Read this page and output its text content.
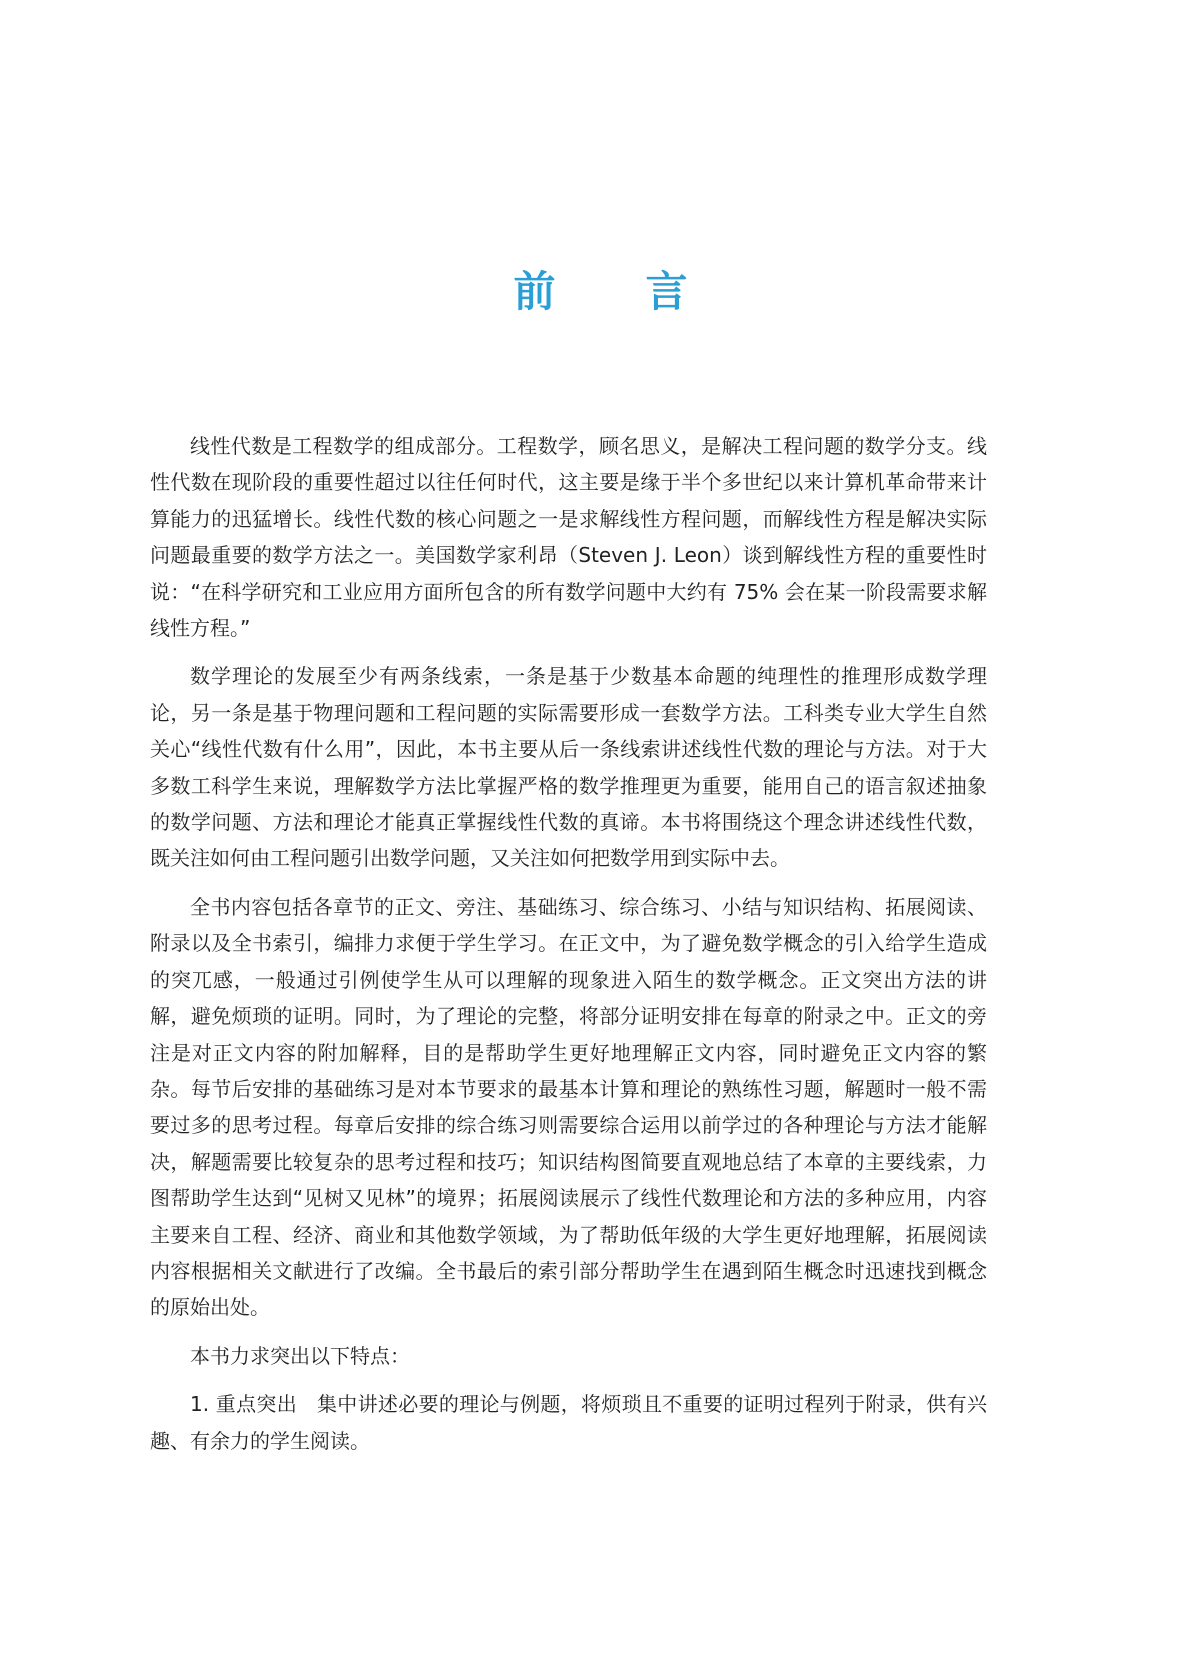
前 言

线性代数是工程数学的组成部分。工程数学，顾名思义，是解决工程问题的数学分支。线性代数在现阶段的重要性超过以往任何时代，这主要是缘于半个多世纪以来计算机革命带来计算能力的迅猛增长。线性代数的核心问题之一是求解线性方程问题，而解线性方程是解决实际问题最重要的数学方法之一。美国数学家利昂（Steven J. Leon）谈到解线性方程的重要性时说：“在科学研究和工业应用方面所包含的所有数学问题中大约有 75% 会在某一阶段需要求解线性方程。”

数学理论的发展至少有两条线索，一条是基于少数基本命题的纯理性的推理形成数学理论，另一条是基于物理问题和工程问题的实际需要形成一套数学方法。工科类专业大学生自然关心“线性代数有什么用”，因此，本书主要从后一条线索讲述线性代数的理论与方法。对于大多数工科学生来说，理解数学方法比掌握严格的数学推理更为重要，能用自己的语言叙述抽象的数学问题、方法和理论才能真正掌握线性代数的真谛。本书将围绕这个理念讲述线性代数，既关注如何由工程问题引出数学问题，又关注如何把数学用到实际中去。

全书内容包括各章节的正文、旁注、基础练习、综合练习、小结与知识结构、拓展阅读、附录以及全书索引，编排力求便于学生学习。在正文中，为了避免数学概念的引入给学生造成的突兀感，一般通过引例使学生从可以理解的现象进入陌生的数学概念。正文突出方法的讲解，避免烦琐的证明。同时，为了理论的完整，将部分证明安排在每章的附录之中。正文的旁注是对正文内容的附加解释，目的是帮助学生更好地理解正文内容，同时避免正文内容的繁杂。每节后安排的基础练习是对本节要求的最基本计算和理论的熟练性习题，解题时一般不需要过多的思考过程。每章后安排的综合练习则需要综合运用以前学过的各种理论与方法才能解决，解题需要比较复杂的思考过程和技巧；知识结构图简要直观地总结了本章的主要线索，力图帮助学生达到“见树又见林”的境界；拓展阅读展示了线性代数理论和方法的多种应用，内容主要来自工程、经济、商业和其他数学领域，为了帮助低年级的大学生更好地理解，拓展阅读内容根据相关文献进行了改编。全书最后的索引部分帮助学生在遇到陌生概念时迅速找到概念的原始出处。

本书力求突出以下特点：

1. 重点突出 集中讲述必要的理论与例题，将烦琐且不重要的证明过程列于附录，供有兴趣、有余力的学生阅读。
